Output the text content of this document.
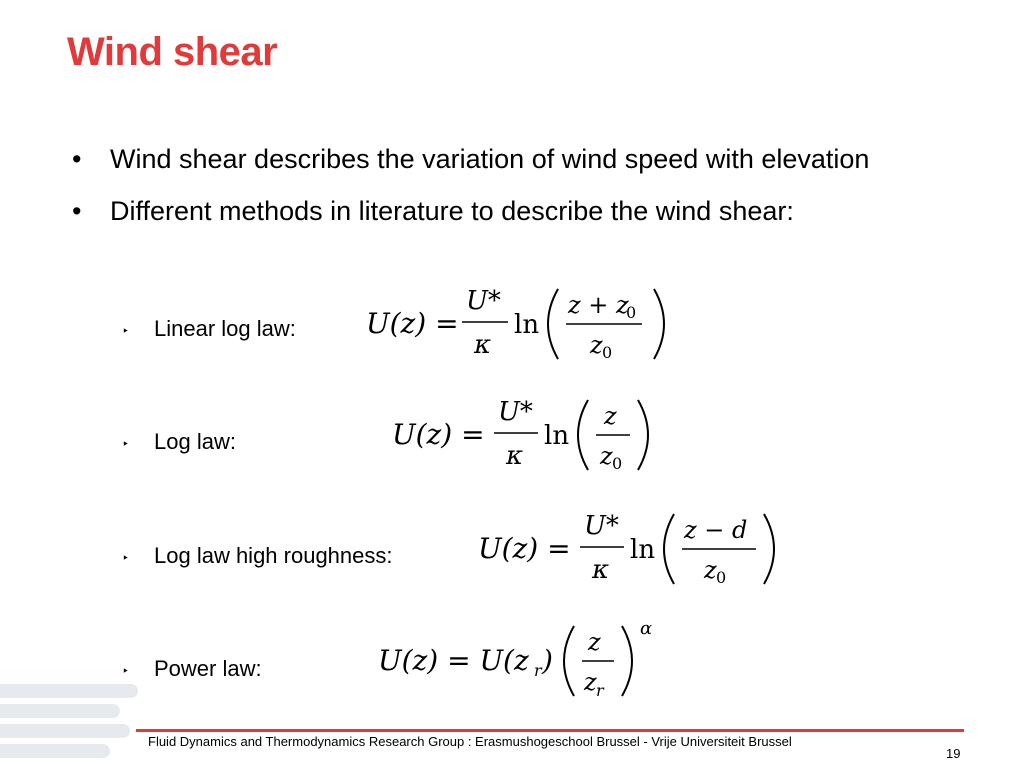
Wind shear
• Wind shear describes the variation of wind speed with elevation
• Different methods in literature to describe the wind shear:
‣ Linear log law:
‣ Log law:
‣ Log law high roughness:
‣ Power law:
U(z) =
U*
κ
ln
z + z
0
z 0
U(z) =
U*
κ
ln
z
z 0
U(z) =
U*
κ
ln
z − d
z 0
U(z) = U(z r )
z
z r
α
Fluid Dynamics and Thermodynamics Research Group : Erasmushogeschool Brussel - Vrije Universiteit Brussel
19
